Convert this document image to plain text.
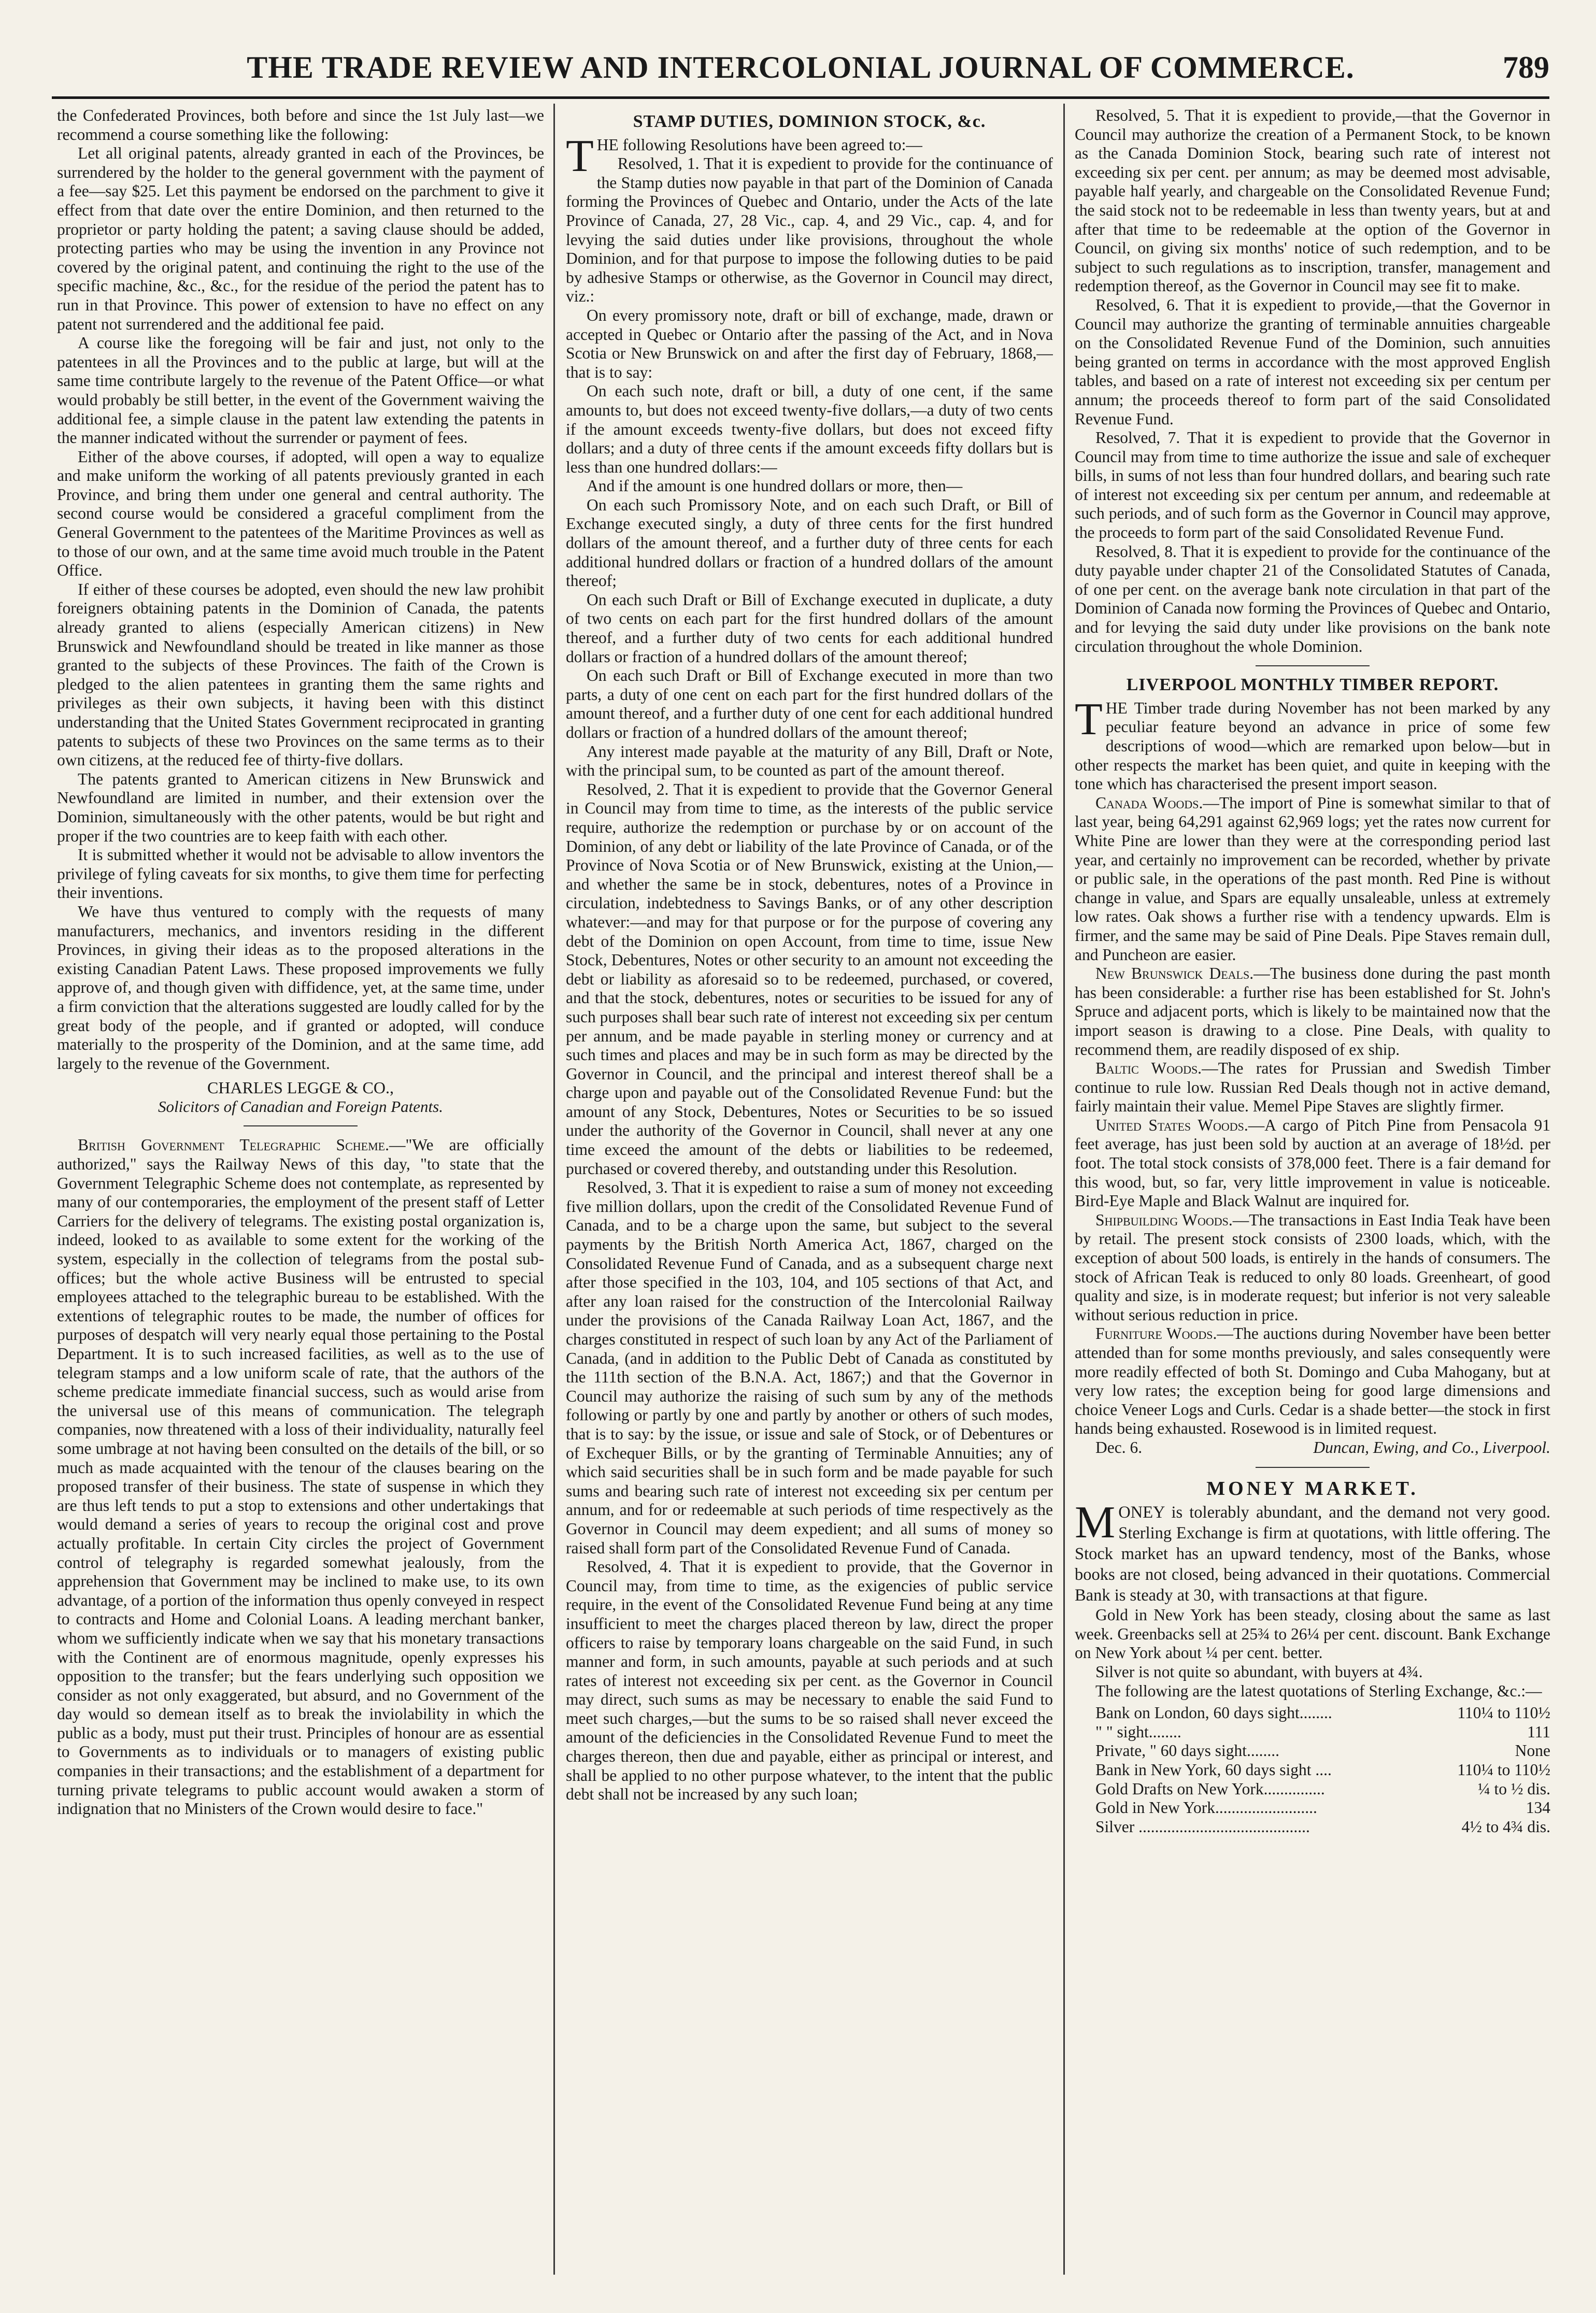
THE TRADE REVIEW AND INTERCOLONIAL JOURNAL OF COMMERCE.	789

the Confederated Provinces, both before and since the 1st July last—we recommend a course something like the following:

Let all original patents, already granted in each of the Provinces, be surrendered by the holder to the general government with the payment of a fee—say $25. Let this payment be endorsed on the parchment to give it effect from that date over the entire Dominion, and then returned to the proprietor or party holding the patent; a saving clause should be added, protecting parties who may be using the invention in any Province not covered by the original patent, and continuing the right to the use of the specific machine, &c., &c., for the residue of the period the patent has to run in that Province. This power of extension to have no effect on any patent not surrendered and the additional fee paid.

A course like the foregoing will be fair and just, not only to the patentees in all the Provinces and to the public at large, but will at the same time contribute largely to the revenue of the Patent Office—or what would probably be still better, in the event of the Government waiving the additional fee, a simple clause in the patent law extending the patents in the manner indicated without the surrender or payment of fees.

Either of the above courses, if adopted, will open a way to equalize and make uniform the working of all patents previously granted in each Province, and bring them under one general and central authority. The second course would be considered a graceful compliment from the General Government to the patentees of the Maritime Provinces as well as to those of our own, and at the same time avoid much trouble in the Patent Office.

If either of these courses be adopted, even should the new law prohibit foreigners obtaining patents in the Dominion of Canada, the patents already granted to aliens (especially American citizens) in New Brunswick and Newfoundland should be treated in like manner as those granted to the subjects of these Provinces. The faith of the Crown is pledged to the alien patentees in granting them the same rights and privileges as their own subjects, it having been with this distinct understanding that the United States Government reciprocated in granting patents to subjects of these two Provinces on the same terms as to their own citizens, at the reduced fee of thirty-five dollars.

The patents granted to American citizens in New Brunswick and Newfoundland are limited in number, and their extension over the Dominion, simultaneously with the other patents, would be but right and proper if the two countries are to keep faith with each other.

It is submitted whether it would not be advisable to allow inventors the privilege of fyling caveats for six months, to give them time for perfecting their inventions.

We have thus ventured to comply with the requests of many manufacturers, mechanics, and inventors residing in the different Provinces, in giving their ideas as to the proposed alterations in the existing Canadian Patent Laws. These proposed improvements we fully approve of, and though given with diffidence, yet, at the same time, under a firm conviction that the alterations suggested are loudly called for by the great body of the people, and if granted or adopted, will conduce materially to the prosperity of the Dominion, and at the same time, add largely to the revenue of the Government.

CHARLES LEGGE & CO.,
Solicitors of Canadian and Foreign Patents.

British Government Telegraphic Scheme.—"We are officially authorized," says the Railway News of this day, "to state that the Government Telegraphic Scheme does not contemplate, as represented by many of our contemporaries, the employment of the present staff of Letter Carriers for the delivery of telegrams. The existing postal organization is, indeed, looked to as available to some extent for the working of the system, especially in the collection of telegrams from the postal sub-offices; but the whole active Business will be entrusted to special employees attached to the telegraphic bureau to be established. With the extentions of telegraphic routes to be made, the number of offices for purposes of despatch will very nearly equal those pertaining to the Postal Department. It is to such increased facilities, as well as to the use of telegram stamps and a low uniform scale of rate, that the authors of the scheme predicate immediate financial success, such as would arise from the universal use of this means of communication. The telegraph companies, now threatened with a loss of their individuality, naturally feel some umbrage at not having been consulted on the details of the bill, or so much as made acquainted with the tenour of the clauses bearing on the proposed transfer of their business. The state of suspense in which they are thus left tends to put a stop to extensions and other undertakings that would demand a series of years to recoup the original cost and prove actually profitable. In certain City circles the project of Government control of telegraphy is regarded somewhat jealously, from the apprehension that Government may be inclined to make use, to its own advantage, of a portion of the information thus openly conveyed in respect to contracts and Home and Colonial Loans. A leading merchant banker, whom we sufficiently indicate when we say that his monetary transactions with the Continent are of enormous magnitude, openly expresses his opposition to the transfer; but the fears underlying such opposition we consider as not only exaggerated, but absurd, and no Government of the day would so demean itself as to break the inviolability in which the public as a body, must put their trust. Principles of honour are as essential to Governments as to individuals or to managers of existing public companies in their transactions; and the establishment of a department for turning private telegrams to public account would awaken a storm of indignation that no Ministers of the Crown would desire to face."

STAMP DUTIES, DOMINION STOCK, &c.

THE following Resolutions have been agreed to:—

Resolved, 1. That it is expedient to provide for the continuance of the Stamp duties now payable in that part of the Dominion of Canada forming the Provinces of Quebec and Ontario, under the Acts of the late Province of Canada, 27, 28 Vic., cap. 4, and 29 Vic., cap. 4, and for levying the said duties under like provisions, throughout the whole Dominion, and for that purpose to impose the following duties to be paid by adhesive Stamps or otherwise, as the Governor in Council may direct, viz.:

On every promissory note, draft or bill of exchange, made, drawn or accepted in Quebec or Ontario after the passing of the Act, and in Nova Scotia or New Brunswick on and after the first day of February, 1868,—that is to say:

On each such note, draft or bill, a duty of one cent, if the same amounts to, but does not exceed twenty-five dollars,—a duty of two cents if the amount exceeds twenty-five dollars, but does not exceed fifty dollars; and a duty of three cents if the amount exceeds fifty dollars but is less than one hundred dollars:—

And if the amount is one hundred dollars or more, then—

On each such Promissory Note, and on each such Draft, or Bill of Exchange executed singly, a duty of three cents for the first hundred dollars of the amount thereof, and a further duty of three cents for each additional hundred dollars or fraction of a hundred dollars of the amount thereof;

On each such Draft or Bill of Exchange executed in duplicate, a duty of two cents on each part for the first hundred dollars of the amount thereof, and a further duty of two cents for each additional hundred dollars or fraction of a hundred dollars of the amount thereof;

On each such Draft or Bill of Exchange executed in more than two parts, a duty of one cent on each part for the first hundred dollars of the amount thereof, and a further duty of one cent for each additional hundred dollars or fraction of a hundred dollars of the amount thereof;

Any interest made payable at the maturity of any Bill, Draft or Note, with the principal sum, to be counted as part of the amount thereof.

Resolved, 2. That it is expedient to provide that the Governor General in Council may from time to time, as the interests of the public service require, authorize the redemption or purchase by or on account of the Dominion, of any debt or liability of the late Province of Canada, or of the Province of Nova Scotia or of New Brunswick, existing at the Union,—and whether the same be in stock, debentures, notes of a Province in circulation, indebtedness to Savings Banks, or of any other description whatever:—and may for that purpose or for the purpose of covering any debt of the Dominion on open Account, from time to time, issue New Stock, Debentures, Notes or other security to an amount not exceeding the debt or liability as aforesaid so to be redeemed, purchased, or covered, and that the stock, debentures, notes or securities to be issued for any of such purposes shall bear such rate of interest not exceeding six per centum per annum, and be made payable in sterling money or currency and at such times and places and may be in such form as may be directed by the Governor in Council, and the principal and interest thereof shall be a charge upon and payable out of the Consolidated Revenue Fund: but the amount of any Stock, Debentures, Notes or Securities to be so issued under the authority of the Governor in Council, shall never at any one time exceed the amount of the debts or liabilities to be redeemed, purchased or covered thereby, and outstanding under this Resolution.

Resolved, 3. That it is expedient to raise a sum of money not exceeding five million dollars, upon the credit of the Consolidated Revenue Fund of Canada, and to be a charge upon the same, but subject to the several payments by the British North America Act, 1867, charged on the Consolidated Revenue Fund of Canada, and as a subsequent charge next after those specified in the 103, 104, and 105 sections of that Act, and after any loan raised for the construction of the Intercolonial Railway under the provisions of the Canada Railway Loan Act, 1867, and the charges constituted in respect of such loan by any Act of the Parliament of Canada, (and in addition to the Public Debt of Canada as constituted by the 111th section of the B.N.A. Act, 1867;) and that the Governor in Council may authorize the raising of such sum by any of the methods following or partly by one and partly by another or others of such modes, that is to say: by the issue, or issue and sale of Stock, or of Debentures or of Exchequer Bills, or by the granting of Terminable Annuities; any of which said securities shall be in such form and be made payable for such sums and bearing such rate of interest not exceeding six per centum per annum, and for or redeemable at such periods of time respectively as the Governor in Council may deem expedient; and all sums of money so raised shall form part of the Consolidated Revenue Fund of Canada.

Resolved, 4. That it is expedient to provide, that the Governor in Council may, from time to time, as the exigencies of public service require, in the event of the Consolidated Revenue Fund being at any time insufficient to meet the charges placed thereon by law, direct the proper officers to raise by temporary loans chargeable on the said Fund, in such manner and form, in such amounts, payable at such periods and at such rates of interest not exceeding six per cent. as the Governor in Council may direct, such sums as may be necessary to enable the said Fund to meet such charges,—but the sums to be so raised shall never exceed the amount of the deficiencies in the Consolidated Revenue Fund to meet the charges thereon, then due and payable, either as principal or interest, and shall be applied to no other purpose whatever, to the intent that the public debt shall not be increased by any such loan;

Resolved, 5. That it is expedient to provide,—that the Governor in Council may authorize the creation of a Permanent Stock, to be known as the Canada Dominion Stock, bearing such rate of interest not exceeding six per cent. per annum; as may be deemed most advisable, payable half yearly, and chargeable on the Consolidated Revenue Fund; the said stock not to be redeemable in less than twenty years, but at and after that time to be redeemable at the option of the Governor in Council, on giving six months' notice of such redemption, and to be subject to such regulations as to inscription, transfer, management and redemption thereof, as the Governor in Council may see fit to make.

Resolved, 6. That it is expedient to provide,—that the Governor in Council may authorize the granting of terminable annuities chargeable on the Consolidated Revenue Fund of the Dominion, such annuities being granted on terms in accordance with the most approved English tables, and based on a rate of interest not exceeding six per centum per annum; the proceeds thereof to form part of the said Consolidated Revenue Fund.

Resolved, 7. That it is expedient to provide that the Governor in Council may from time to time authorize the issue and sale of exchequer bills, in sums of not less than four hundred dollars, and bearing such rate of interest not exceeding six per centum per annum, and redeemable at such periods, and of such form as the Governor in Council may approve, the proceeds to form part of the said Consolidated Revenue Fund.

Resolved, 8. That it is expedient to provide for the continuance of the duty payable under chapter 21 of the Consolidated Statutes of Canada, of one per cent. on the average bank note circulation in that part of the Dominion of Canada now forming the Provinces of Quebec and Ontario, and for levying the said duty under like provisions on the bank note circulation throughout the whole Dominion.

LIVERPOOL MONTHLY TIMBER REPORT.

THE Timber trade during November has not been marked by any peculiar feature beyond an advance in price of some few descriptions of wood—which are remarked upon below—but in other respects the market has been quiet, and quite in keeping with the tone which has characterised the present import season.

Canada Woods.—The import of Pine is somewhat similar to that of last year, being 64,291 against 62,969 logs; yet the rates now current for White Pine are lower than they were at the corresponding period last year, and certainly no improvement can be recorded, whether by private or public sale, in the operations of the past month. Red Pine is without change in value, and Spars are equally unsaleable, unless at extremely low rates. Oak shows a further rise with a tendency upwards. Elm is firmer, and the same may be said of Pine Deals. Pipe Staves remain dull, and Puncheon are easier.

New Brunswick Deals.—The business done during the past month has been considerable: a further rise has been established for St. John's Spruce and adjacent ports, which is likely to be maintained now that the import season is drawing to a close. Pine Deals, with quality to recommend them, are readily disposed of ex ship.

Baltic Woods.—The rates for Prussian and Swedish Timber continue to rule low. Russian Red Deals though not in active demand, fairly maintain their value. Memel Pipe Staves are slightly firmer.

United States Woods.—A cargo of Pitch Pine from Pensacola 91 feet average, has just been sold by auction at an average of 18½d. per foot. The total stock consists of 378,000 feet. There is a fair demand for this wood, but, so far, very little improvement in value is noticeable. Bird-Eye Maple and Black Walnut are inquired for.

Shipbuilding Woods.—The transactions in East India Teak have been by retail. The present stock consists of 2300 loads, which, with the exception of about 500 loads, is entirely in the hands of consumers. The stock of African Teak is reduced to only 80 loads. Greenheart, of good quality and size, is in moderate request; but inferior is not very saleable without serious reduction in price.

Furniture Woods.—The auctions during November have been better attended than for some months previously, and sales consequently were more readily effected of both St. Domingo and Cuba Mahogany, but at very low rates; the exception being for good large dimensions and choice Veneer Logs and Curls. Cedar is a shade better—the stock in first hands being exhausted. Rosewood is in limited request.

Dec. 6.	Duncan, Ewing, and Co., Liverpool.
MONEY MARKET.

MONEY is tolerably abundant, and the demand not very good. Sterling Exchange is firm at quotations, with little offering. The Stock market has an upward tendency, most of the Banks, whose books are not closed, being advanced in their quotations. Commercial Bank is steady at 30, with transactions at that figure.

Gold in New York has been steady, closing about the same as last week. Greenbacks sell at 25¾ to 26¼ per cent. discount. Bank Exchange on New York about ¼ per cent. better.

Silver is not quite so abundant, with buyers at 4¾.

The following are the latest quotations of Sterling Exchange, &c.:—

Bank on London, 60 days sight........	110¼ to 110½
" " sight........	111
Private, " 60 days sight........	None
Bank in New York, 60 days sight ....	110¼ to 110½
Gold Drafts on New York...............	¼ to ½ dis.
Gold in New York.........................	134
Silver ..........................................	4½ to 4¾ dis.
